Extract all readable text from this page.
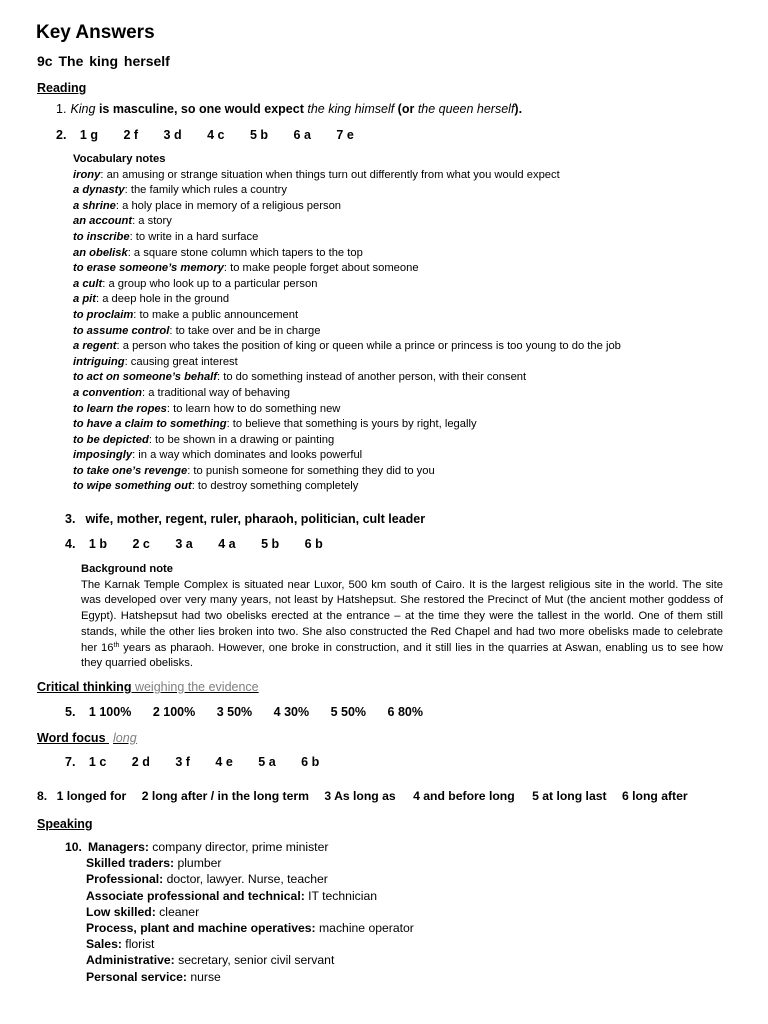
Key Answers
9c The king herself
Reading
1. King is masculine, so one would expect the king himself (or the queen herself).
2. 1 g 2 f 3 d 4 c 5 b 6 a 7 e
Vocabulary notes
irony: an amusing or strange situation when things turn out differently from what you would expect
a dynasty: the family which rules a country
a shrine: a holy place in memory of a religious person
an account: a story
to inscribe: to write in a hard surface
an obelisk: a square stone column which tapers to the top
to erase someone’s memory: to make people forget about someone
a cult: a group who look up to a particular person
a pit: a deep hole in the ground
to proclaim: to make a public announcement
to assume control: to take over and be in charge
a regent: a person who takes the position of king or queen while a prince or princess is too young to do the job
intriguing: causing great interest
to act on someone’s behalf: to do something instead of another person, with their consent
a convention: a traditional way of behaving
to learn the ropes: to learn how to do something new
to have a claim to something: to believe that something is yours by right, legally
to be depicted: to be shown in a drawing or painting
imposingly: in a way which dominates and looks powerful
to take one’s revenge: to punish someone for something they did to you
to wipe something out: to destroy something completely
3. wife, mother, regent, ruler, pharaoh, politician, cult leader
4. 1 b 2 c 3 a 4 a 5 b 6 b
Background note

The Karnak Temple Complex is situated near Luxor, 500 km south of Cairo. It is the largest religious site in the world. The site was developed over very many years, not least by Hatshepsut. She restored the Precinct of Mut (the ancient mother goddess of Egypt). Hatshepsut had two obelisks erected at the entrance – at the time they were the tallest in the world. One of them still stands, while the other lies broken into two. She also constructed the Red Chapel and had two more obelisks made to celebrate her 16th years as pharaoh. However, one broke in construction, and it still lies in the quarries at Aswan, enabling us to see how they quarried obelisks.

Critical thinking weighing the evidence
5. 1 100% 2 100% 3 50% 4 30% 5 50% 6 80%
Word focus long
7. 1 c 2 d 3 f 4 e 5 a 6 b
8. 1 longed for 2 long after / in the long term 3 As long as 4 and before long 5 at long last 6 long after
Speaking
10. Managers: company director, prime minister
Skilled traders: plumber
Professional: doctor, lawyer. Nurse, teacher
Associate professional and technical: IT technician
Low skilled: cleaner
Process, plant and machine operatives: machine operator
Sales: florist
Administrative: secretary, senior civil servant
Personal service: nurse
